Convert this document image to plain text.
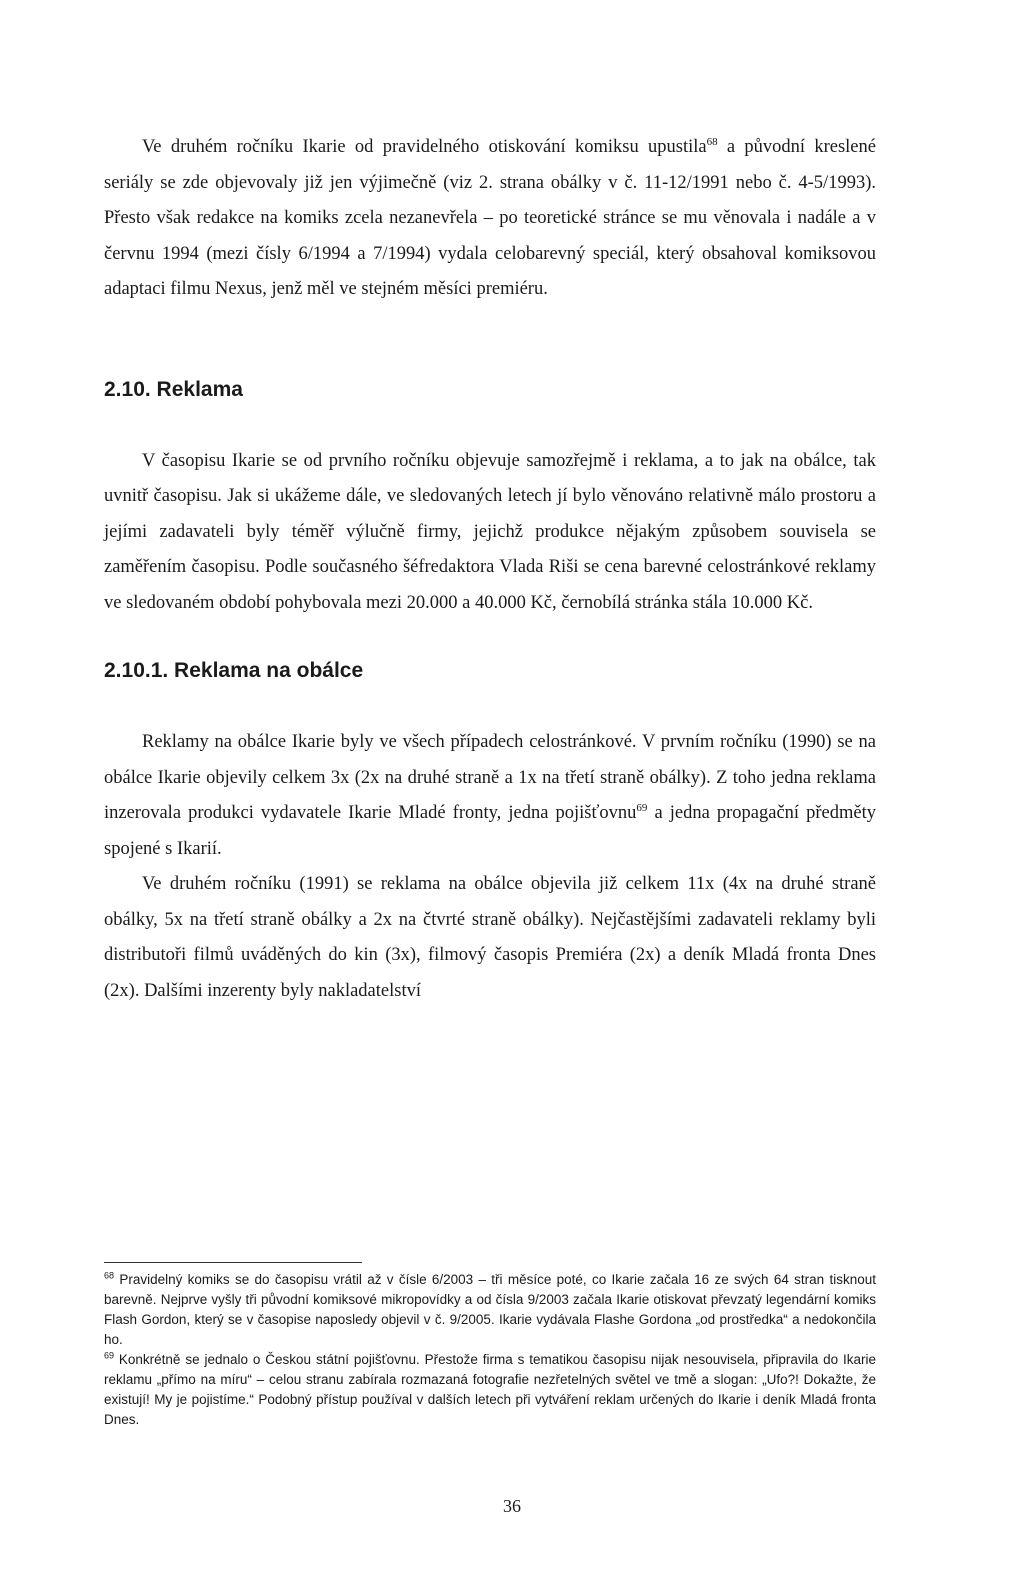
Ve druhém ročníku Ikarie od pravidelného otiskování komiksu upustila$^{68}$ a původní kreslené seriály se zde objevovaly již jen výjimečně (viz 2. strana obálky v č. 11-12/1991 nebo č. 4-5/1993). Přesto však redakce na komiks zcela nezanevřela – po teoretické stránce se mu věnovala i nadále a v červnu 1994 (mezi čísly 6/1994 a 7/1994) vydala celobarevný speciál, který obsahoval komiksovou adaptaci filmu Nexus, jenž měl ve stejném měsíci premiéru.

2.10. Reklama

V časopisu Ikarie se od prvního ročníku objevuje samozřejmě i reklama, a to jak na obálce, tak uvnitř časopisu. Jak si ukážeme dále, ve sledovaných letech jí bylo věnováno relativně málo prostoru a jejími zadavateli byly téměř výlučně firmy, jejichž produkce nějakým způsobem souvisela se zaměřením časopisu. Podle současného šéfredaktora Vlada Riši se cena barevné celostránkové reklamy ve sledovaném období pohybovala mezi 20.000 a 40.000 Kč, černobílá stránka stála 10.000 Kč.

2.10.1. Reklama na obálce

Reklamy na obálce Ikarie byly ve všech případech celostránkové. V prvním ročníku (1990) se na obálce Ikarie objevily celkem 3x (2x na druhé straně a 1x na třetí straně obálky). Z toho jedna reklama inzerovala produkci vydavatele Ikarie Mladé fronty, jedna pojišťovnu$^{69}$ a jedna propagační předměty spojené s Ikarií.

Ve druhém ročníku (1991) se reklama na obálce objevila již celkem 11x (4x na druhé straně obálky, 5x na třetí straně obálky a 2x na čtvrté straně obálky). Nejčastějšími zadavateli reklamy byli distributoři filmů uváděných do kin (3x), filmový časopis Premiéra (2x) a deník Mladá fronta Dnes (2x). Dalšími inzerenty byly nakladatelství

$^{68}$ Pravidelný komiks se do časopisu vrátil až v čísle 6/2003 – tři měsíce poté, co Ikarie začala 16 ze svých 64 stran tisknout barevně. Nejprve vyšly tři původní komiksové mikropovídky a od čísla 9/2003 začala Ikarie otiskovat převzatý legendární komiks Flash Gordon, který se v časopise naposledy objevil v č. 9/2005. Ikarie vydávala Flashe Gordona „od prostředka“ a nedokončila ho.

$^{69}$ Konkrétně se jednalo o Českou státní pojišťovnu. Přestože firma s tematikou časopisu nijak nesouvisela, připravila do Ikarie reklamu „přímo na míru“ – celou stranu zabírala rozmazaná fotografie nezřetelných světel ve tmě a slogan: „Ufo?! Dokažte, že existují! My je pojistíme.“ Podobný přístup používal v dalších letech při vytváření reklam určených do Ikarie i deník Mladá fronta Dnes.

36
